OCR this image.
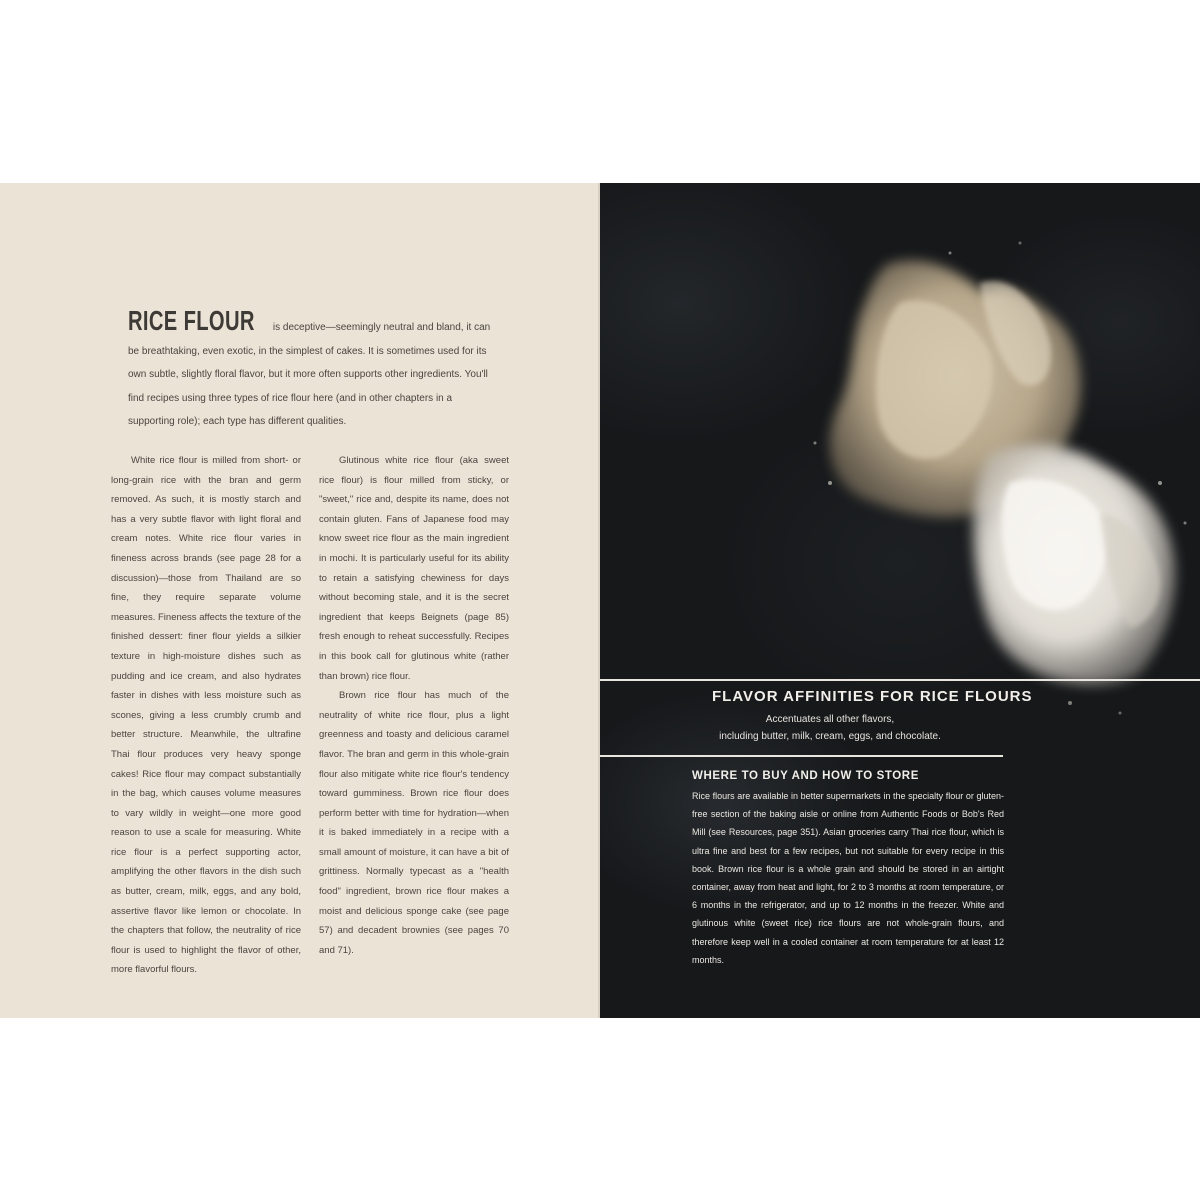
RICE FLOUR is deceptive—seemingly neutral and bland, it can be breathtaking, even exotic, in the simplest of cakes. It is sometimes used for its own subtle, slightly floral flavor, but it more often supports other ingredients. You'll find recipes using three types of rice flour here (and in other chapters in a supporting role); each type has different qualities.

White rice flour is milled from short- or long-grain rice with the bran and germ removed. As such, it is mostly starch and has a very subtle flavor with light floral and cream notes. White rice flour varies in fineness across brands (see page 28 for a discussion)—those from Thailand are so fine, they require separate volume measures. Fineness affects the texture of the finished dessert: finer flour yields a silkier texture in high-moisture dishes such as pudding and ice cream, and also hydrates faster in dishes with less moisture such as scones, giving a less crumbly crumb and better structure. Meanwhile, the ultrafine Thai flour produces very heavy sponge cakes! Rice flour may compact substantially in the bag, which causes volume measures to vary wildly in weight—one more good reason to use a scale for measuring. White rice flour is a perfect supporting actor, amplifying the other flavors in the dish such as butter, cream, milk, eggs, and any bold, assertive flavor like lemon or chocolate. In the chapters that follow, the neutrality of rice flour is used to highlight the flavor of other, more flavorful flours.

Glutinous white rice flour (aka sweet rice flour) is flour milled from sticky, or "sweet," rice and, despite its name, does not contain gluten. Fans of Japanese food may know sweet rice flour as the main ingredient in mochi. It is particularly useful for its ability to retain a satisfying chewiness for days without becoming stale, and it is the secret ingredient that keeps Beignets (page 85) fresh enough to reheat successfully. Recipes in this book call for glutinous white (rather than brown) rice flour.

Brown rice flour has much of the neutrality of white rice flour, plus a light greenness and toasty and delicious caramel flavor. The bran and germ in this whole-grain flour also mitigate white rice flour's tendency toward gumminess. Brown rice flour does perform better with time for hydration—when it is baked immediately in a recipe with a small amount of moisture, it can have a bit of grittiness. Normally typecast as a "health food" ingredient, brown rice flour makes a moist and delicious sponge cake (see page 57) and decadent brownies (see pages 70 and 71).

FLAVOR AFFINITIES FOR RICE FLOURS
Accentuates all other flavors,
including butter, milk, cream, eggs, and chocolate.
WHERE TO BUY AND HOW TO STORE
Rice flours are available in better supermarkets in the specialty flour or gluten-free section of the baking aisle or online from Authentic Foods or Bob's Red Mill (see Resources, page 351). Asian groceries carry Thai rice flour, which is ultra fine and best for a few recipes, but not suitable for every recipe in this book. Brown rice flour is a whole grain and should be stored in an airtight container, away from heat and light, for 2 to 3 months at room temperature, or 6 months in the refrigerator, and up to 12 months in the freezer. White and glutinous white (sweet rice) rice flours are not whole-grain flours, and therefore keep well in a cooled container at room temperature for at least 12 months.
